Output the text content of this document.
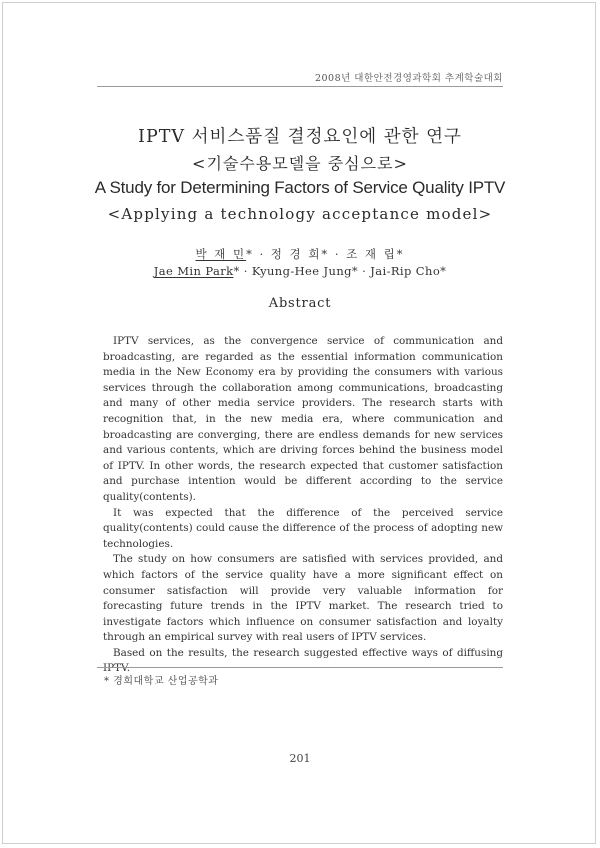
2008년 대한안전경영과학회 추계학술대회
IPTV 서비스품질 결정요인에 관한 연구
<기술수용모델을 중심으로>
A Study for Determining Factors of Service Quality IPTV
<Applying a technology acceptance model>
박 재 민* · 정 경 희* · 조 재 립*
Jae Min Park* · Kyung-Hee Jung* · Jai-Rip Cho*
Abstract

IPTV services, as the convergence service of communication and broadcasting, are regarded as the essential information communication media in the New Economy era by providing the consumers with various services through the collaboration among communications, broadcasting and many of other media service providers. The research starts with recognition that, in the new media era, where communication and broadcasting are converging, there are endless demands for new services and various contents, which are driving forces behind the business model of IPTV. In other words, the research expected that customer satisfaction and purchase intention would be different according to the service quality(contents).

It was expected that the difference of the perceived service quality(contents) could cause the difference of the process of adopting new technologies.

The study on how consumers are satisfied with services provided, and which factors of the service quality have a more significant effect on consumer satisfaction will provide very valuable information for forecasting future trends in the IPTV market. The research tried to investigate factors which influence on consumer satisfaction and loyalty through an empirical survey with real users of IPTV services.

Based on the results, the research suggested effective ways of diffusing IPTV.

* 경희대학교 산업공학과
201
